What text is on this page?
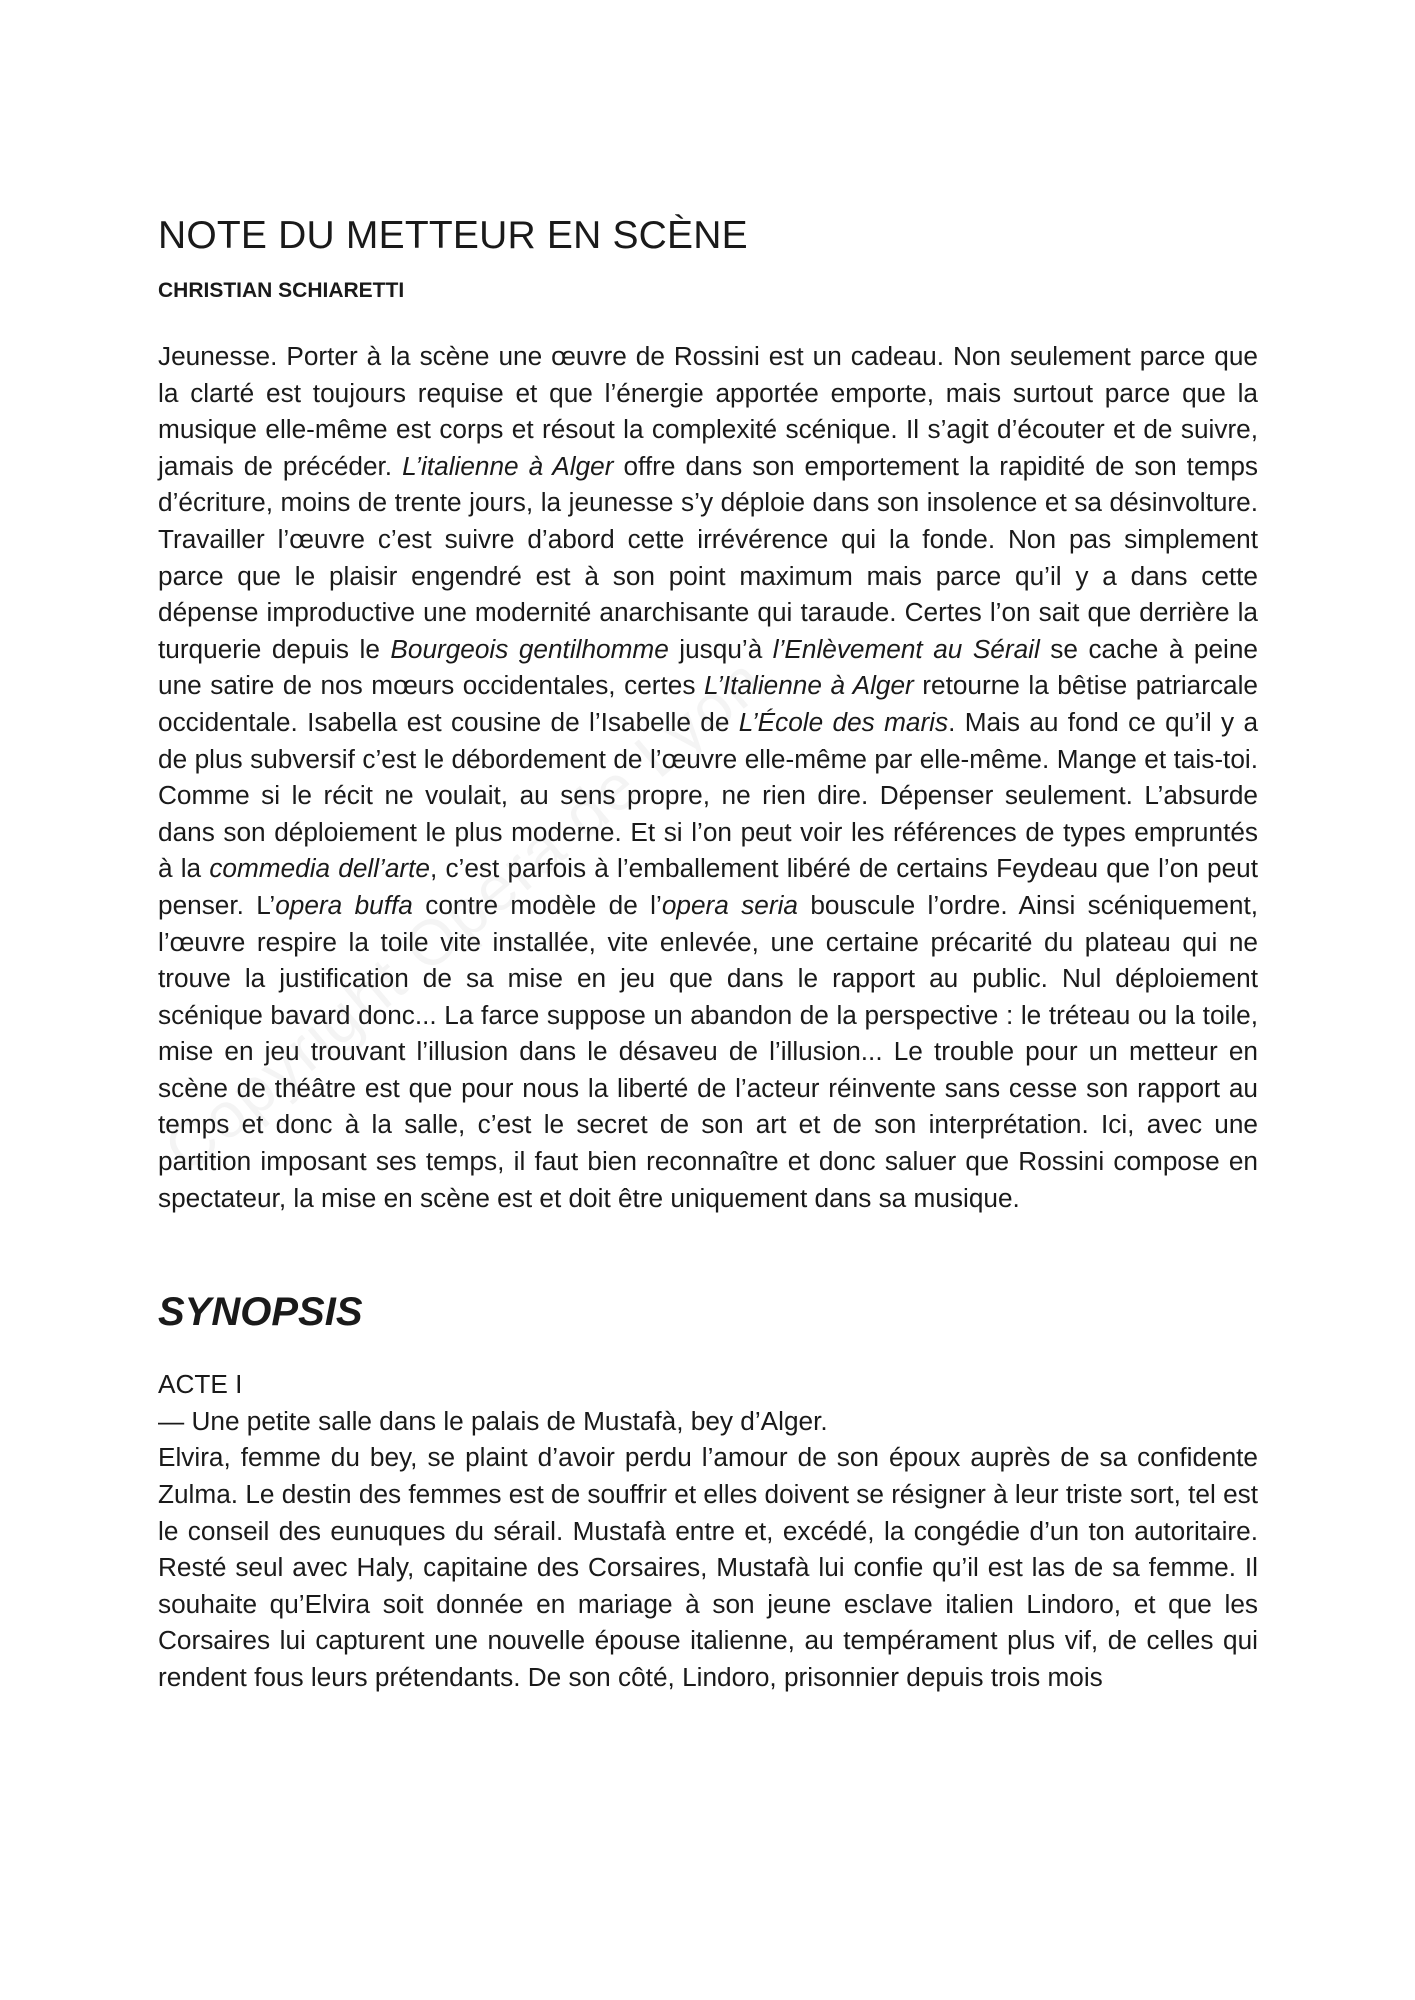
NOTE DU METTEUR EN SCÈNE
CHRISTIAN SCHIARETTI

Jeunesse. Porter à la scène une œuvre de Rossini est un cadeau. Non seulement parce que la clarté est toujours requise et que l’énergie apportée emporte, mais surtout parce que la musique elle-même est corps et résout la complexité scénique. Il s’agit d’écouter et de suivre, jamais de précéder. L’italienne à Alger offre dans son emportement la rapidité de son temps d’écriture, moins de trente jours, la jeunesse s’y déploie dans son insolence et sa désinvolture. Travailler l’œuvre c’est suivre d’abord cette irrévérence qui la fonde. Non pas simplement parce que le plaisir engendré est à son point maximum mais parce qu’il y a dans cette dépense improductive une modernité anarchisante qui taraude. Certes l’on sait que derrière la turquerie depuis le Bourgeois gentilhomme jusqu’à l’Enlèvement au Sérail se cache à peine une satire de nos mœurs occidentales, certes L’Italienne à Alger retourne la bêtise patriarcale occidentale. Isabella est cousine de l’Isabelle de L’École des maris. Mais au fond ce qu’il y a de plus subversif c’est le débordement de l’œuvre elle-même par elle-même. Mange et tais-toi. Comme si le récit ne voulait, au sens propre, ne rien dire. Dépenser seulement. L’absurde dans son déploiement le plus moderne. Et si l’on peut voir les références de types empruntés à la commedia dell’arte, c’est parfois à l’emballement libéré de certains Feydeau que l’on peut penser. L’opera buffa contre modèle de l’opera seria bouscule l’ordre. Ainsi scéniquement, l’œuvre respire la toile vite installée, vite enlevée, une certaine précarité du plateau qui ne trouve la justification de sa mise en jeu que dans le rapport au public. Nul déploiement scénique bavard donc... La farce suppose un abandon de la perspective : le tréteau ou la toile, mise en jeu trouvant l’illusion dans le désaveu de l’illusion... Le trouble pour un metteur en scène de théâtre est que pour nous la liberté de l’acteur réinvente sans cesse son rapport au temps et donc à la salle, c’est le secret de son art et de son interprétation. Ici, avec une partition imposant ses temps, il faut bien reconnaître et donc saluer que Rossini compose en spectateur, la mise en scène est et doit être uniquement dans sa musique.

SYNOPSIS
ACTE I
— Une petite salle dans le palais de Mustafà, bey d’Alger.

Elvira, femme du bey, se plaint d’avoir perdu l’amour de son époux auprès de sa confidente Zulma. Le destin des femmes est de souffrir et elles doivent se résigner à leur triste sort, tel est le conseil des eunuques du sérail. Mustafà entre et, excédé, la congédie d’un ton autoritaire. Resté seul avec Haly, capitaine des Corsaires, Mustafà lui confie qu’il est las de sa femme. Il souhaite qu’Elvira soit donnée en mariage à son jeune esclave italien Lindoro, et que les Corsaires lui capturent une nouvelle épouse italienne, au tempérament plus vif, de celles qui rendent fous leurs prétendants. De son côté, Lindoro, prisonnier depuis trois mois
